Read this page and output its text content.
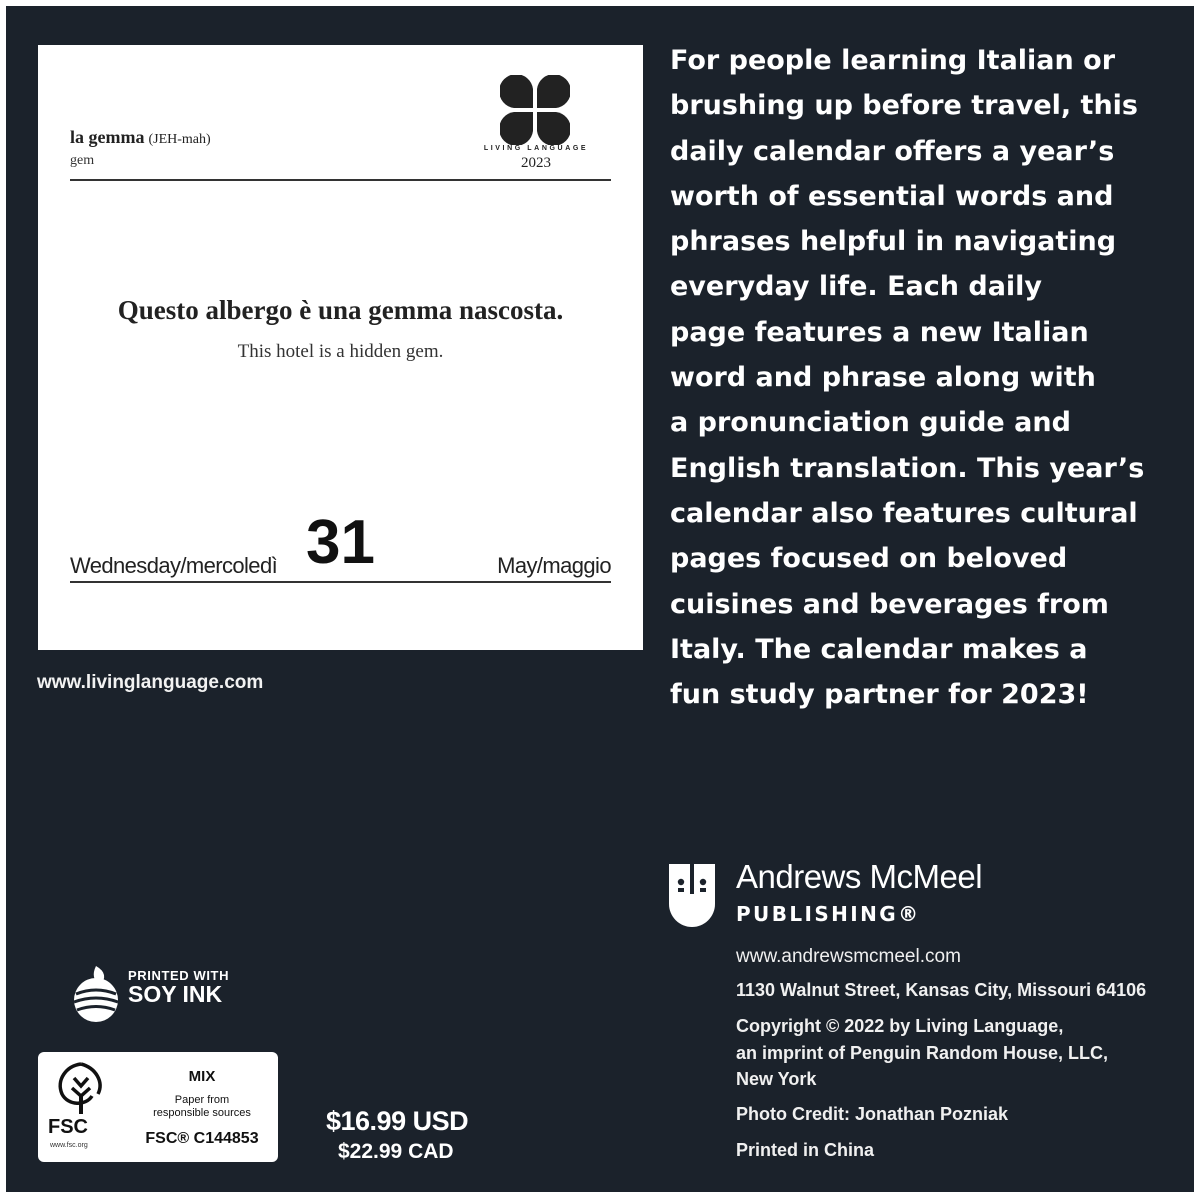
la gemma (JEH-mah)
gem
LIVING LANGUAGE
2023
Questo albergo è una gemma nascosta.
This hotel is a hidden gem.
Wednesday/mercoledì 31	May/maggio
www.livinglanguage.com
For people learning Italian or
brushing up before travel, this
daily calendar offers a year’s
worth of essential words and
phrases helpful in navigating
everyday life. Each daily
page features a new Italian
word and phrase along with
a pronunciation guide and
English translation. This year’s
calendar also features cultural
pages focused on beloved
cuisines and beverages from
Italy. The calendar makes a
fun study partner for 2023!
Andrews McMeel
PUBLISHING®
www.andrewsmcmeel.com
1130 Walnut Street, Kansas City, Missouri 64106
Copyright © 2022 by Living Language,
an imprint of Penguin Random House, LLC,
New York
Photo Credit: Jonathan Pozniak
Printed in China
PRINTED WITH
SOY INK
FSC
www.fsc.org
MIX
Paper from
responsible sources
FSC® C144853
$16.99 USD
$22.99 CAD
